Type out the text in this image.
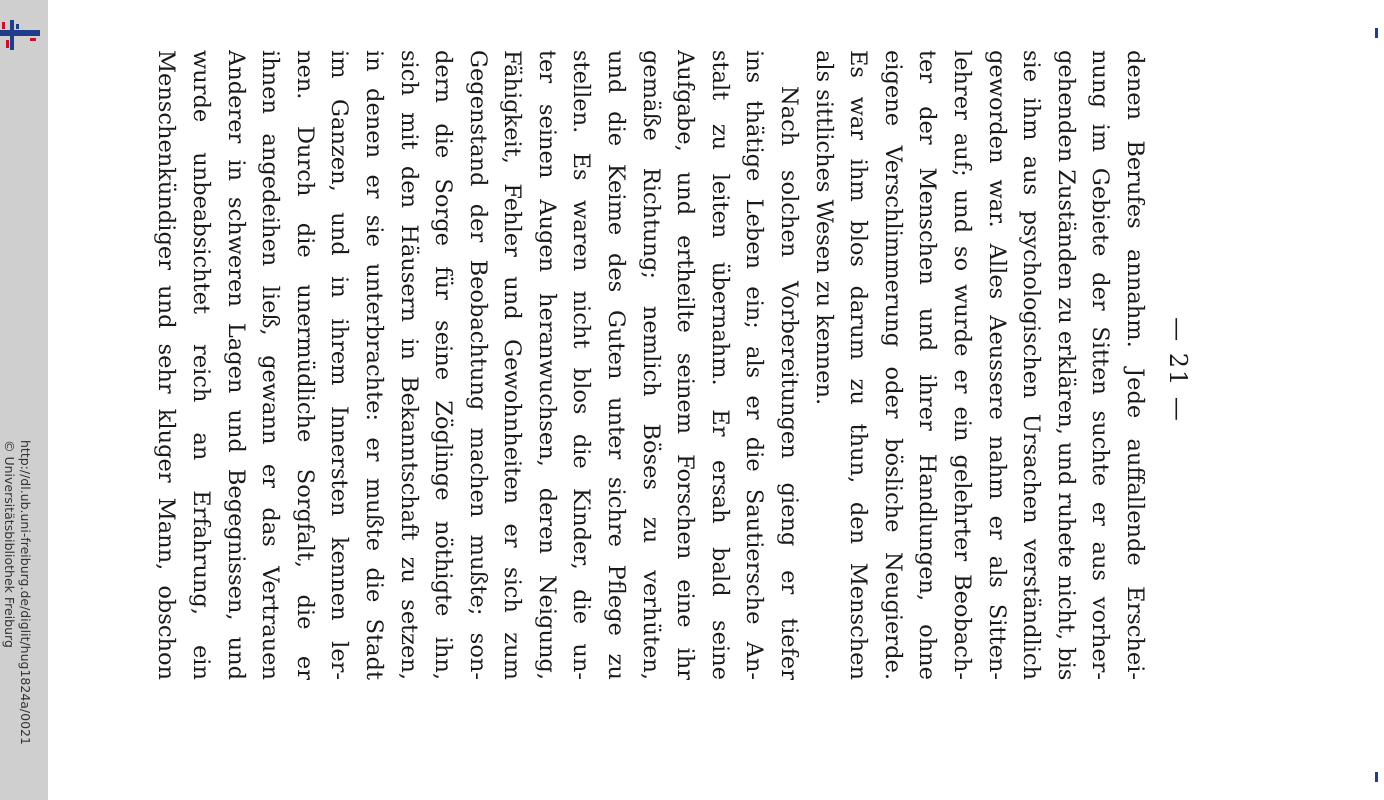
http://dl.ub.uni-freiburg.de/diglit/hug1824a/0021
© Universitätsbibliothek Freiburg
— 21 —
denen Berufes annahm. Jede auffallende Erschei-
nung im Gebiete der Sitten suchte er aus vorher-
gehenden Zuständen zu erklären, und ruhete nicht, bis
sie ihm aus psychologischen Ursachen verständlich
geworden war. Alles Aeussere nahm er als Sitten-
lehrer auf; und so wurde er ein gelehrter Beobach-
ter der Menschen und ihrer Handlungen, ohne
eigene Verschlimmerung oder bösliche Neugierde.
Es war ihm blos darum zu thun, den Menschen
als sittliches Wesen zu kennen.
Nach solchen Vorbereitungen gieng er tiefer
ins thätige Leben ein; als er die Sautiersche An-
stalt zu leiten übernahm. Er ersah bald seine
Aufgabe, und ertheilte seinem Forschen eine ihr
gemäße Richtung; nemlich Böses zu verhüten,
und die Keime des Guten unter sichre Pflege zu
stellen. Es waren nicht blos die Kinder, die un-
ter seinen Augen heranwuchsen, deren Neigung,
Fähigkeit, Fehler und Gewohnheiten er sich zum
Gegenstand der Beobachtung machen mußte; son-
dern die Sorge für seine Zöglinge nöthigte ihn,
sich mit den Häusern in Bekanntschaft zu setzen,
in denen er sie unterbrachte: er mußte die Stadt
im Ganzen, und in ihrem Innersten kennen ler-
nen. Durch die unermüdliche Sorgfalt, die er
ihnen angedeihen ließ, gewann er das Vertrauen
Anderer in schweren Lagen und Begegnissen, und
wurde unbeabsichtet reich an Erfahrung, ein
Menschenkündiger und sehr kluger Mann, obschon
